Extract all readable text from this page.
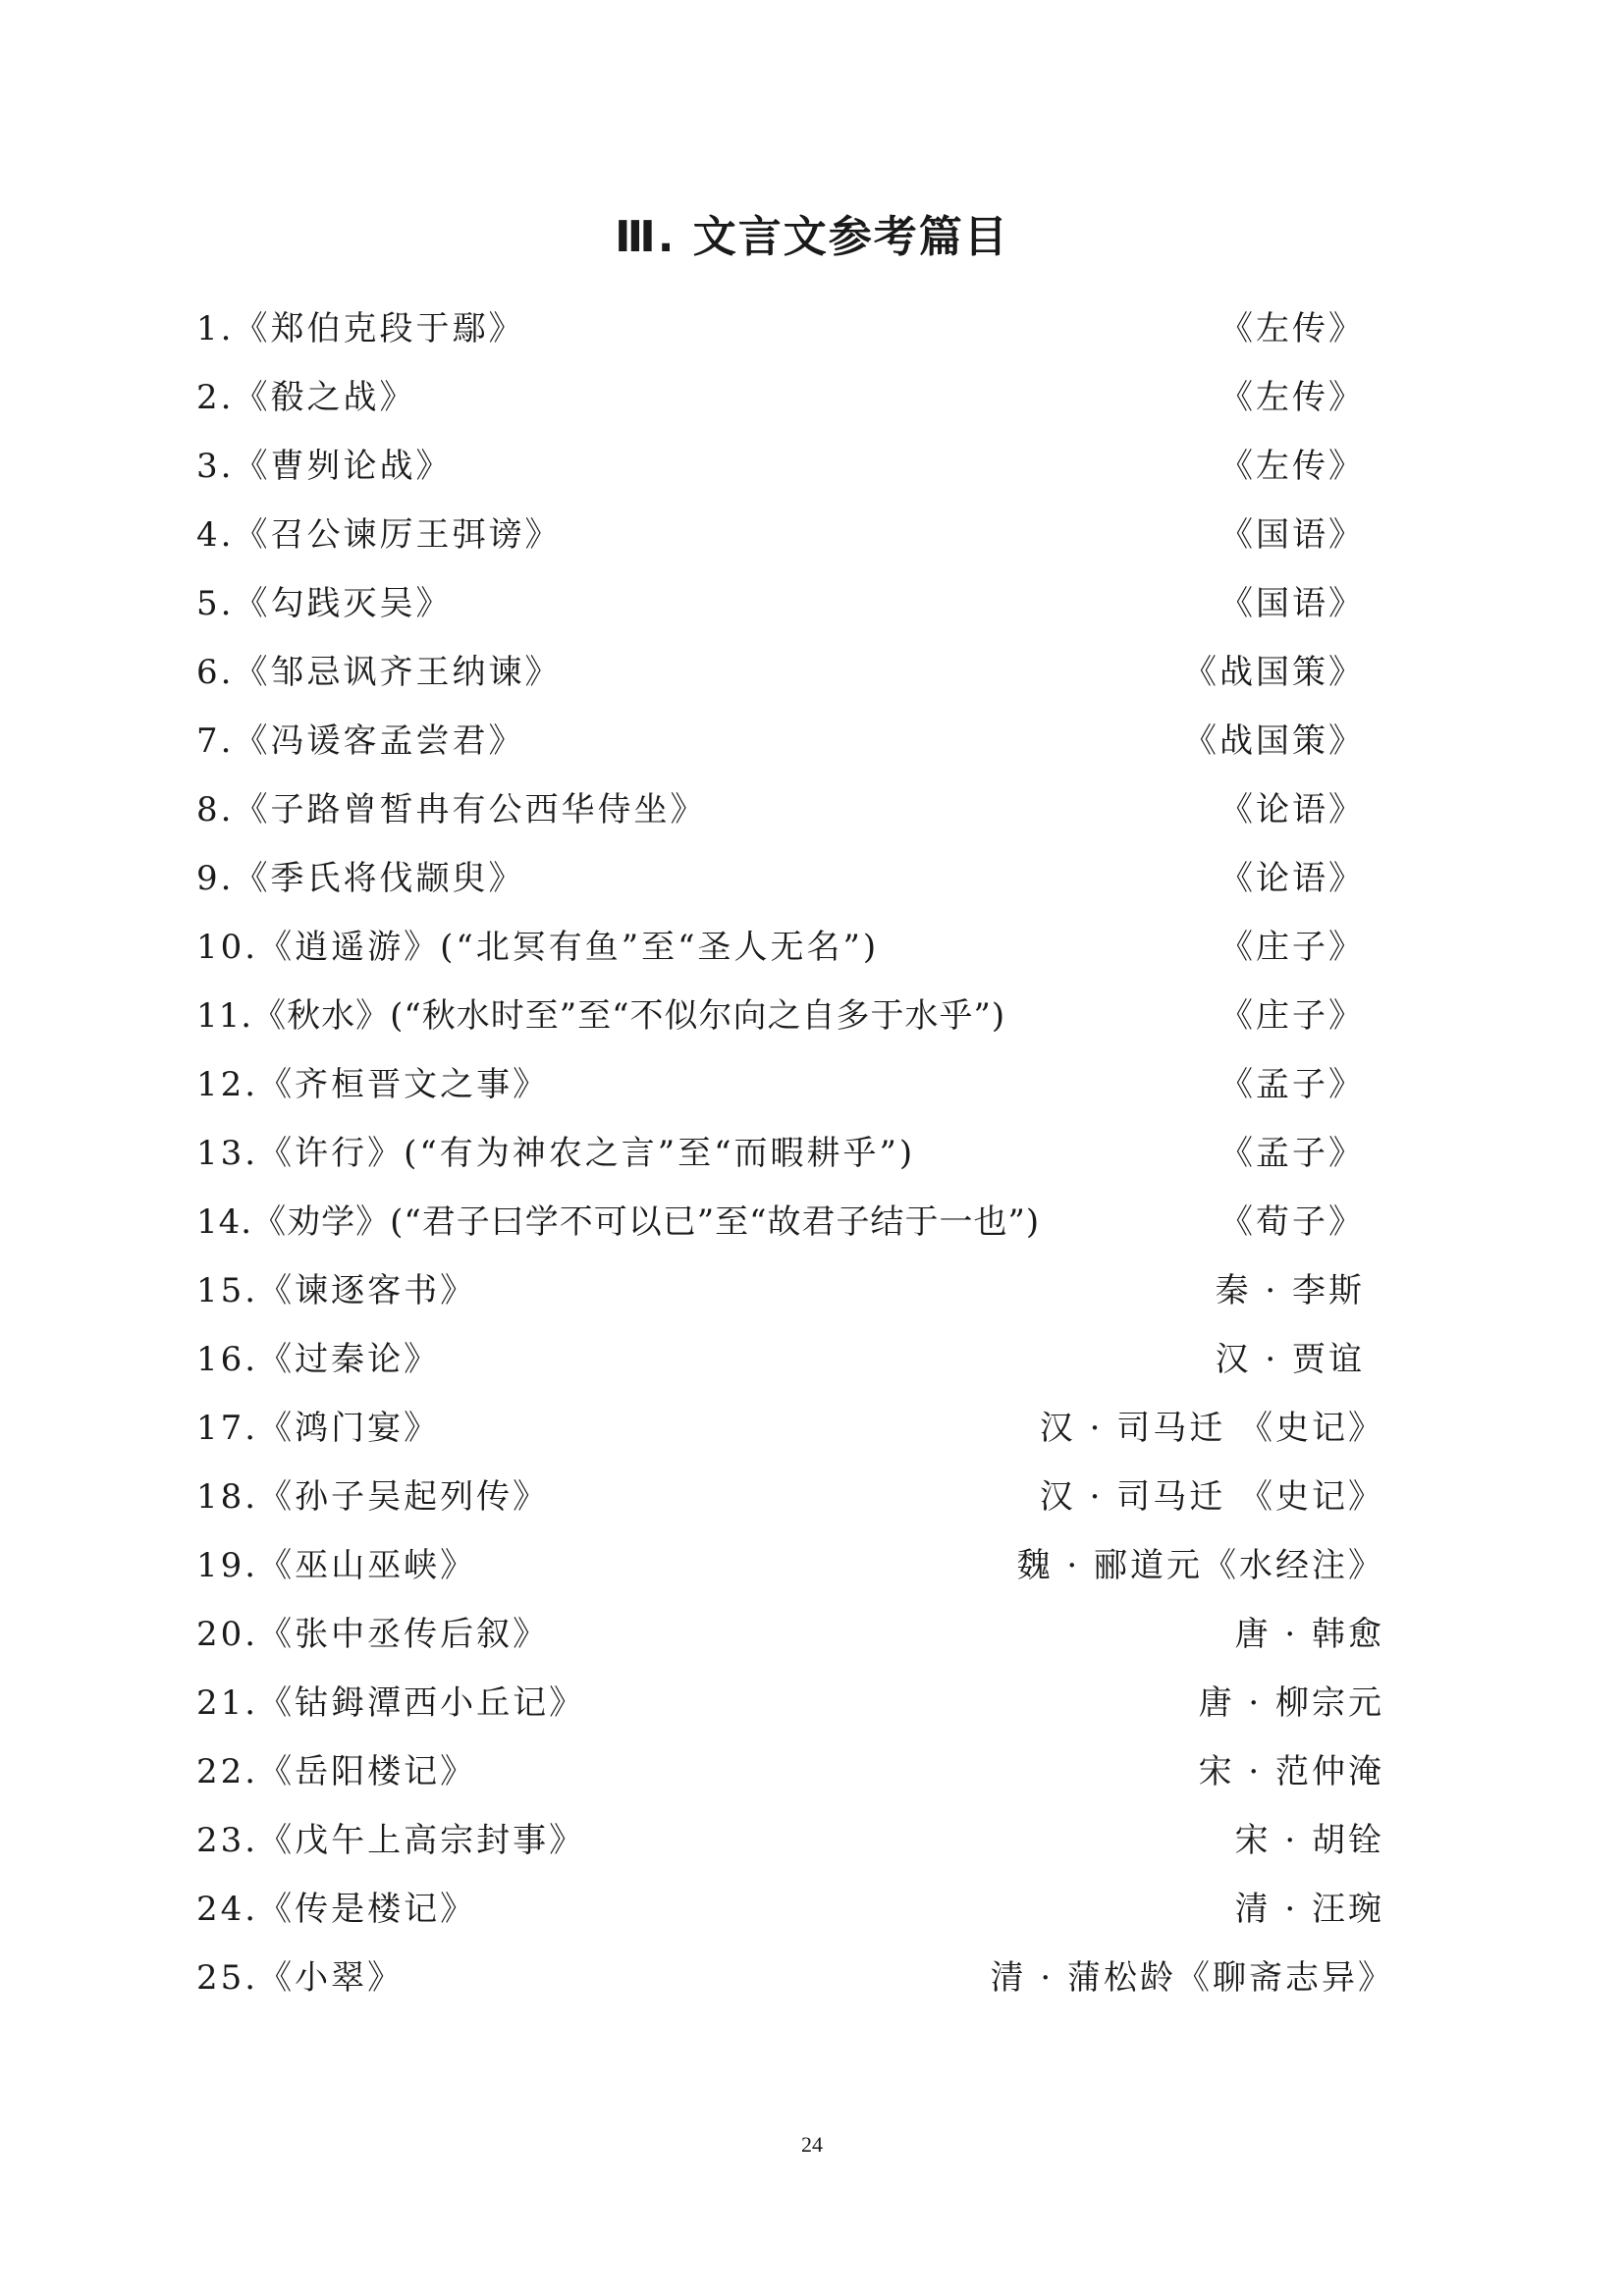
Ⅲ. 文言文参考篇目
1.《郑伯克段于鄢》	《左传》
2.《殽之战》	《左传》
3.《曹刿论战》	《左传》
4.《召公谏厉王弭谤》	《国语》
5.《勾践灭吴》	《国语》
6.《邹忌讽齐王纳谏》	《战国策》
7.《冯谖客孟尝君》	《战国策》
8.《子路曾皙冉有公西华侍坐》	《论语》
9.《季氏将伐颛臾》	《论语》
10.《逍遥游》(“北冥有鱼”至“圣人无名”)	《庄子》
11.《秋水》(“秋水时至”至“不似尔向之自多于水乎”)	《庄子》
12.《齐桓晋文之事》	《孟子》
13.《许行》(“有为神农之言”至“而暇耕乎”)	《孟子》
14.《劝学》(“君子曰学不可以已”至“故君子结于一也”)	《荀子》
15.《谏逐客书》	秦 · 李斯
16.《过秦论》	汉 · 贾谊
17.《鸿门宴》	汉 · 司马迁 《史记》
18.《孙子吴起列传》	汉 · 司马迁 《史记》
19.《巫山巫峡》	魏 · 郦道元《水经注》
20.《张中丞传后叙》	唐 · 韩愈
21.《钴鉧潭西小丘记》	唐 · 柳宗元
22.《岳阳楼记》	宋 · 范仲淹
23.《戊午上高宗封事》	宋 · 胡铨
24.《传是楼记》	清 · 汪琬
25.《小翠》	清 · 蒲松龄《聊斋志异》
24
